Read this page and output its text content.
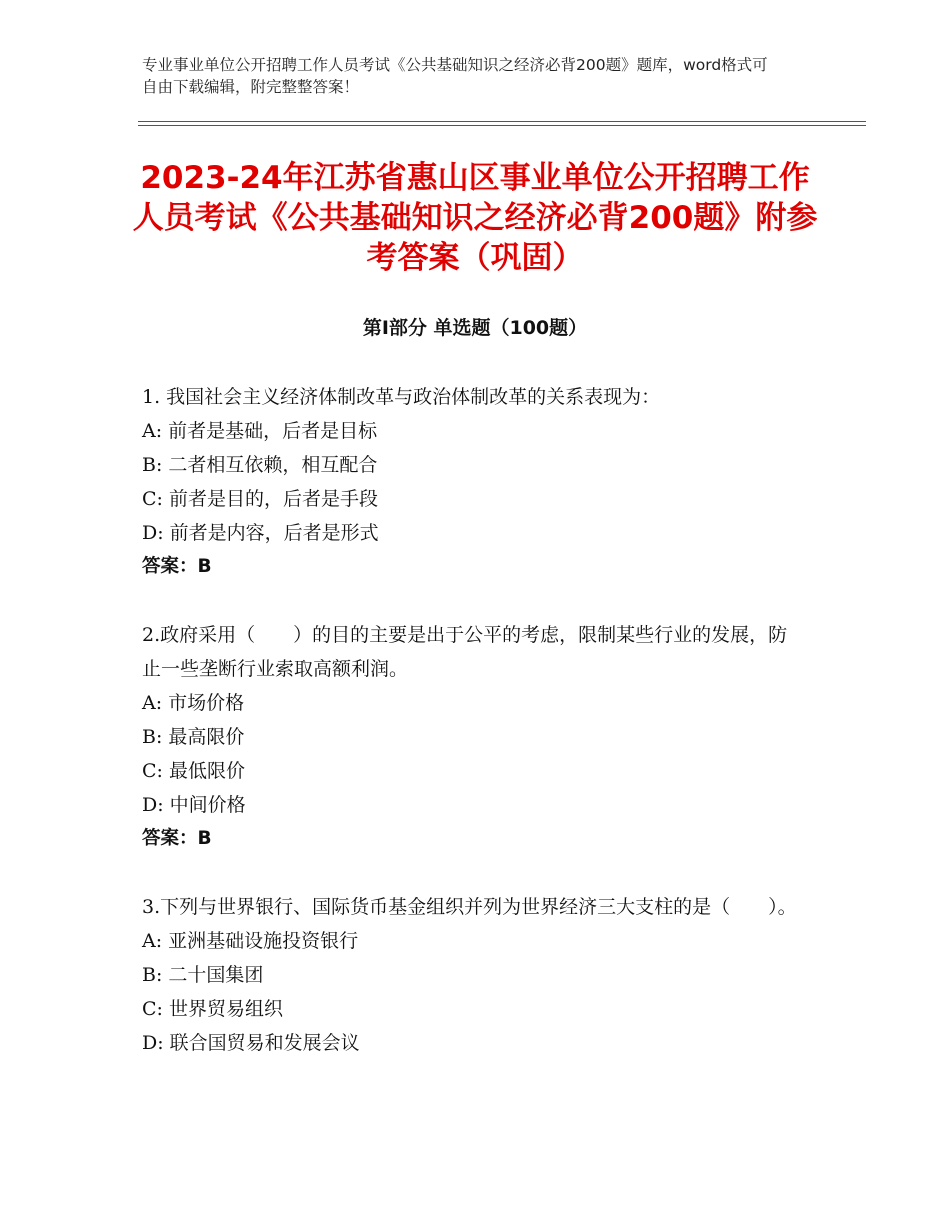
专业事业单位公开招聘工作人员考试《公共基础知识之经济必背200题》题库，word格式可自由下载编辑，附完整整答案！
2023-24年江苏省惠山区事业单位公开招聘工作人员考试《公共基础知识之经济必背200题》附参考答案（巩固）
第Ⅰ部分 单选题（100题）

1. 我国社会主义经济体制改革与政治体制改革的关系表现为：

A: 前者是基础，后者是目标

B: 二者相互依赖，相互配合

C: 前者是目的，后者是手段

D: 前者是内容，后者是形式

答案：B

2.政府采用（　　）的目的主要是出于公平的考虑，限制某些行业的发展，防止一些垄断行业索取高额利润。

A: 市场价格

B: 最高限价

C: 最低限价

D: 中间价格

答案：B

3.下列与世界银行、国际货币基金组织并列为世界经济三大支柱的是（　　）。

A: 亚洲基础设施投资银行

B: 二十国集团

C: 世界贸易组织

D: 联合国贸易和发展会议
